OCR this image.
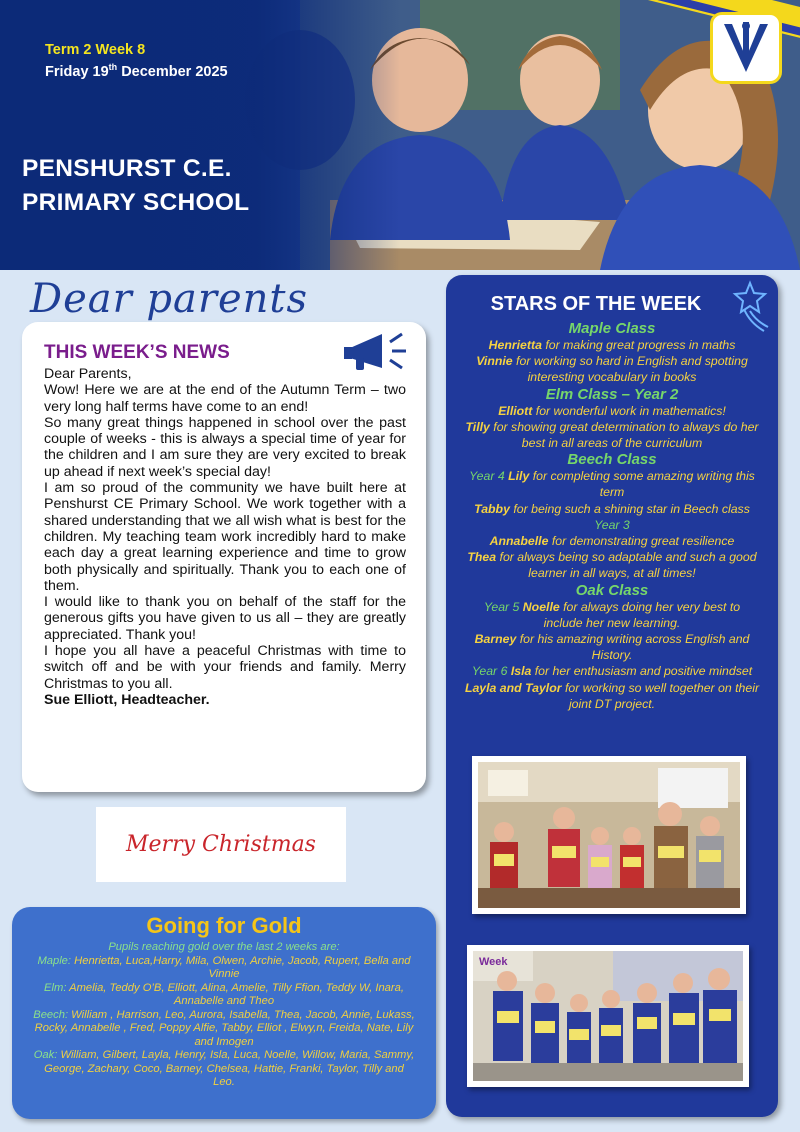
Term 2 Week 8
Friday 19th December 2025
PENSHURST C.E.
PRIMARY SCHOOL
Dear parents
THIS WEEK’S NEWS

Dear Parents,

Wow! Here we are at the end of the Autumn Term – two very long half terms have come to an end!

So many great things happened in school over the past couple of weeks - this is always a special time of year for the children and I am sure they are very excited to break up ahead if next week’s special day!

I am so proud of the community we have built here at Penshurst CE Primary School. We work together with a shared understanding that we all wish what is best for the children. My teaching team work incredibly hard to make each day a great learning experience and time to grow both physically and spiritually. Thank you to each one of them.

I would like to thank you on behalf of the staff for the generous gifts you have given to us all – they are greatly appreciated. Thank you!

I hope you all have a peaceful Christmas with time to switch off and be with your friends and family. Merry Christmas to you all.

Sue Elliott, Headteacher.

Merry Christmas
Going for Gold
Pupils reaching gold over the last 2 weeks are:
Maple: Henrietta, Luca,Harry, Mila, Olwen, Archie, Jacob, Rupert, Bella and Vinnie
Elm: Amelia, Teddy O’B, Elliott, Alina, Amelie, Tilly Ffion, Teddy W, Inara, Annabelle and Theo
Beech: William , Harrison, Leo, Aurora, Isabella, Thea, Jacob, Annie, Lukass, Rocky, Annabelle , Fred, Poppy Alfie, Tabby, Elliot , Elwy,n, Freida, Nate, Lily and Imogen
Oak: William, Gilbert, Layla, Henry, Isla, Luca, Noelle, Willow, Maria, Sammy, George, Zachary, Coco, Barney, Chelsea, Hattie, Franki, Taylor, Tilly and Leo.
STARS OF THE WEEK
Maple Class
Henrietta for making great progress in maths
Vinnie for working so hard in English and spotting interesting vocabulary in books
Elm Class – Year 2
Elliott for wonderful work in mathematics!
Tilly for showing great determination to always do her best in all areas of the curriculum
Beech Class
Year 4 Lily for completing some amazing writing this term
Tabby for being such a shining star in Beech class
Year 3
Annabelle for demonstrating great resilience
Thea for always being so adaptable and such a good learner in all ways, at all times!
Oak Class
Year 5 Noelle for always doing her very best to include her new learning.
Barney for his amazing writing across English and History.
Year 6 Isla for her enthusiasm and positive mindset
Layla and Taylor for working so well together on their joint DT project.
Week
